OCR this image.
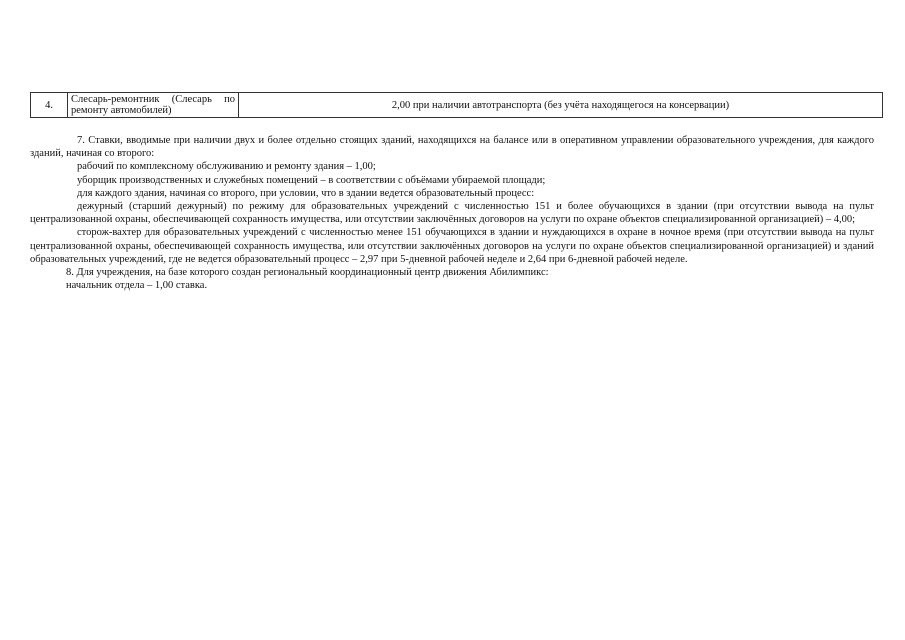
4.	Слесарь-ремонтник (Слесарь по ремонту автомобилей)	2,00 при наличии автотранспорта (без учёта находящегося на консервации)

7. Ставки, вводимые при наличии двух и более отдельно стоящих зданий, находящихся на балансе или в оперативном управлении образовательного учреждения, для каждого зданий, начиная со второго:

рабочий по комплексному обслуживанию и ремонту здания – 1,00;

уборщик производственных и служебных помещений – в соответствии с объёмами убираемой площади;

для каждого здания, начиная со второго, при условии, что в здании ведется образовательный процесс:

дежурный (старший дежурный) по режиму для образовательных учреждений с численностью 151 и более обучающихся в здании (при отсутствии вывода на пульт централизованной охраны, обеспечивающей сохранность имущества, или отсутствии заключённых договоров на услуги по охране объектов специализированной организацией) – 4,00;

сторож-вахтер для образовательных учреждений с численностью менее 151 обучающихся в здании и нуждающихся в охране в ночное время (при отсутствии вывода на пульт централизованной охраны, обеспечивающей сохранность имущества, или отсутствии заключённых договоров на услуги по охране объектов специализированной организацией) и зданий образовательных учреждений, где не ведется образовательный процесс – 2,97 при 5-дневной рабочей неделе и 2,64 при 6-дневной рабочей неделе.

8. Для учреждения, на базе которого создан региональный координационный центр движения Абилимпикс:

начальник отдела – 1,00 ставка.
